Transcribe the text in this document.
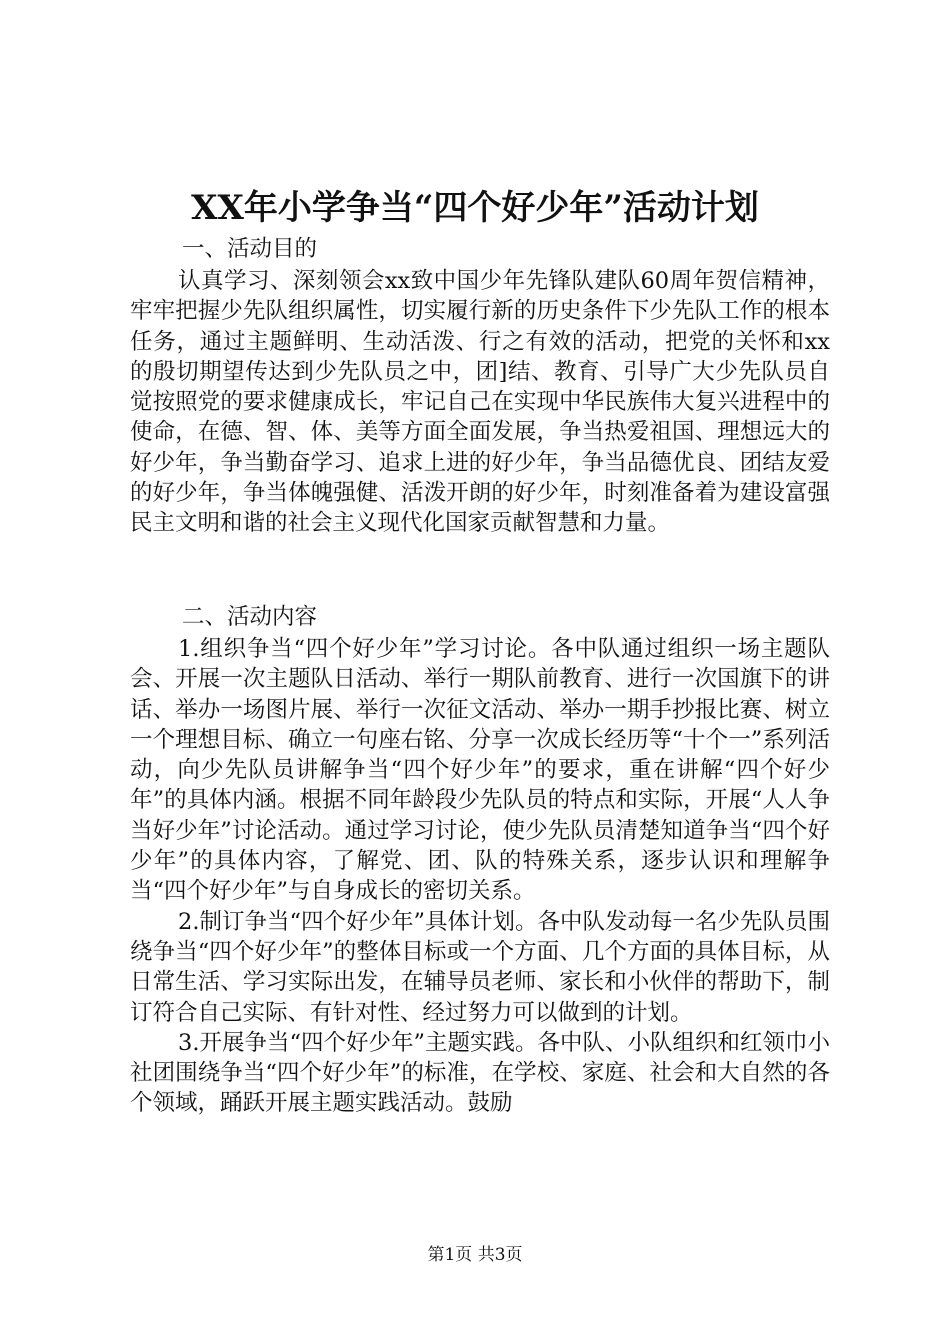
XX年小学争当“四个好少年”活动计划
一、活动目的

认真学习、深刻领会xx致中国少年先锋队建队60周年贺信精神，牢牢把握少先队组织属性，切实履行新的历史条件下少先队工作的根本任务，通过主题鲜明、生动活泼、行之有效的活动，把党的关怀和xx的殷切期望传达到少先队员之中，团]结、教育、引导广大少先队员自觉按照党的要求健康成长，牢记自己在实现中华民族伟大复兴进程中的使命，在德、智、体、美等方面全面发展，争当热爱祖国、理想远大的好少年，争当勤奋学习、追求上进的好少年，争当品德优良、团结友爱的好少年，争当体魄强健、活泼开朗的好少年，时刻准备着为建设富强民主文明和谐的社会主义现代化国家贡献智慧和力量。

二、活动内容

1.组织争当“四个好少年”学习讨论。各中队通过组织一场主题队会、开展一次主题队日活动、举行一期队前教育、进行一次国旗下的讲话、举办一场图片展、举行一次征文活动、举办一期手抄报比赛、树立一个理想目标、确立一句座右铭、分享一次成长经历等“十个一”系列活动，向少先队员讲解争当“四个好少年”的要求，重在讲解“四个好少年”的具体内涵。根据不同年龄段少先队员的特点和实际，开展“人人争当好少年”讨论活动。通过学习讨论，使少先队员清楚知道争当“四个好少年”的具体内容，了解党、团、队的特殊关系，逐步认识和理解争当“四个好少年”与自身成长的密切关系。

2.制订争当“四个好少年”具体计划。各中队发动每一名少先队员围绕争当“四个好少年”的整体目标或一个方面、几个方面的具体目标，从日常生活、学习实际出发，在辅导员老师、家长和小伙伴的帮助下，制订符合自己实际、有针对性、经过努力可以做到的计划。

3.开展争当“四个好少年”主题实践。各中队、小队组织和红领巾小社团围绕争当“四个好少年”的标准，在学校、家庭、社会和大自然的各个领域，踊跃开展主题实践活动。鼓励

第1页 共3页
